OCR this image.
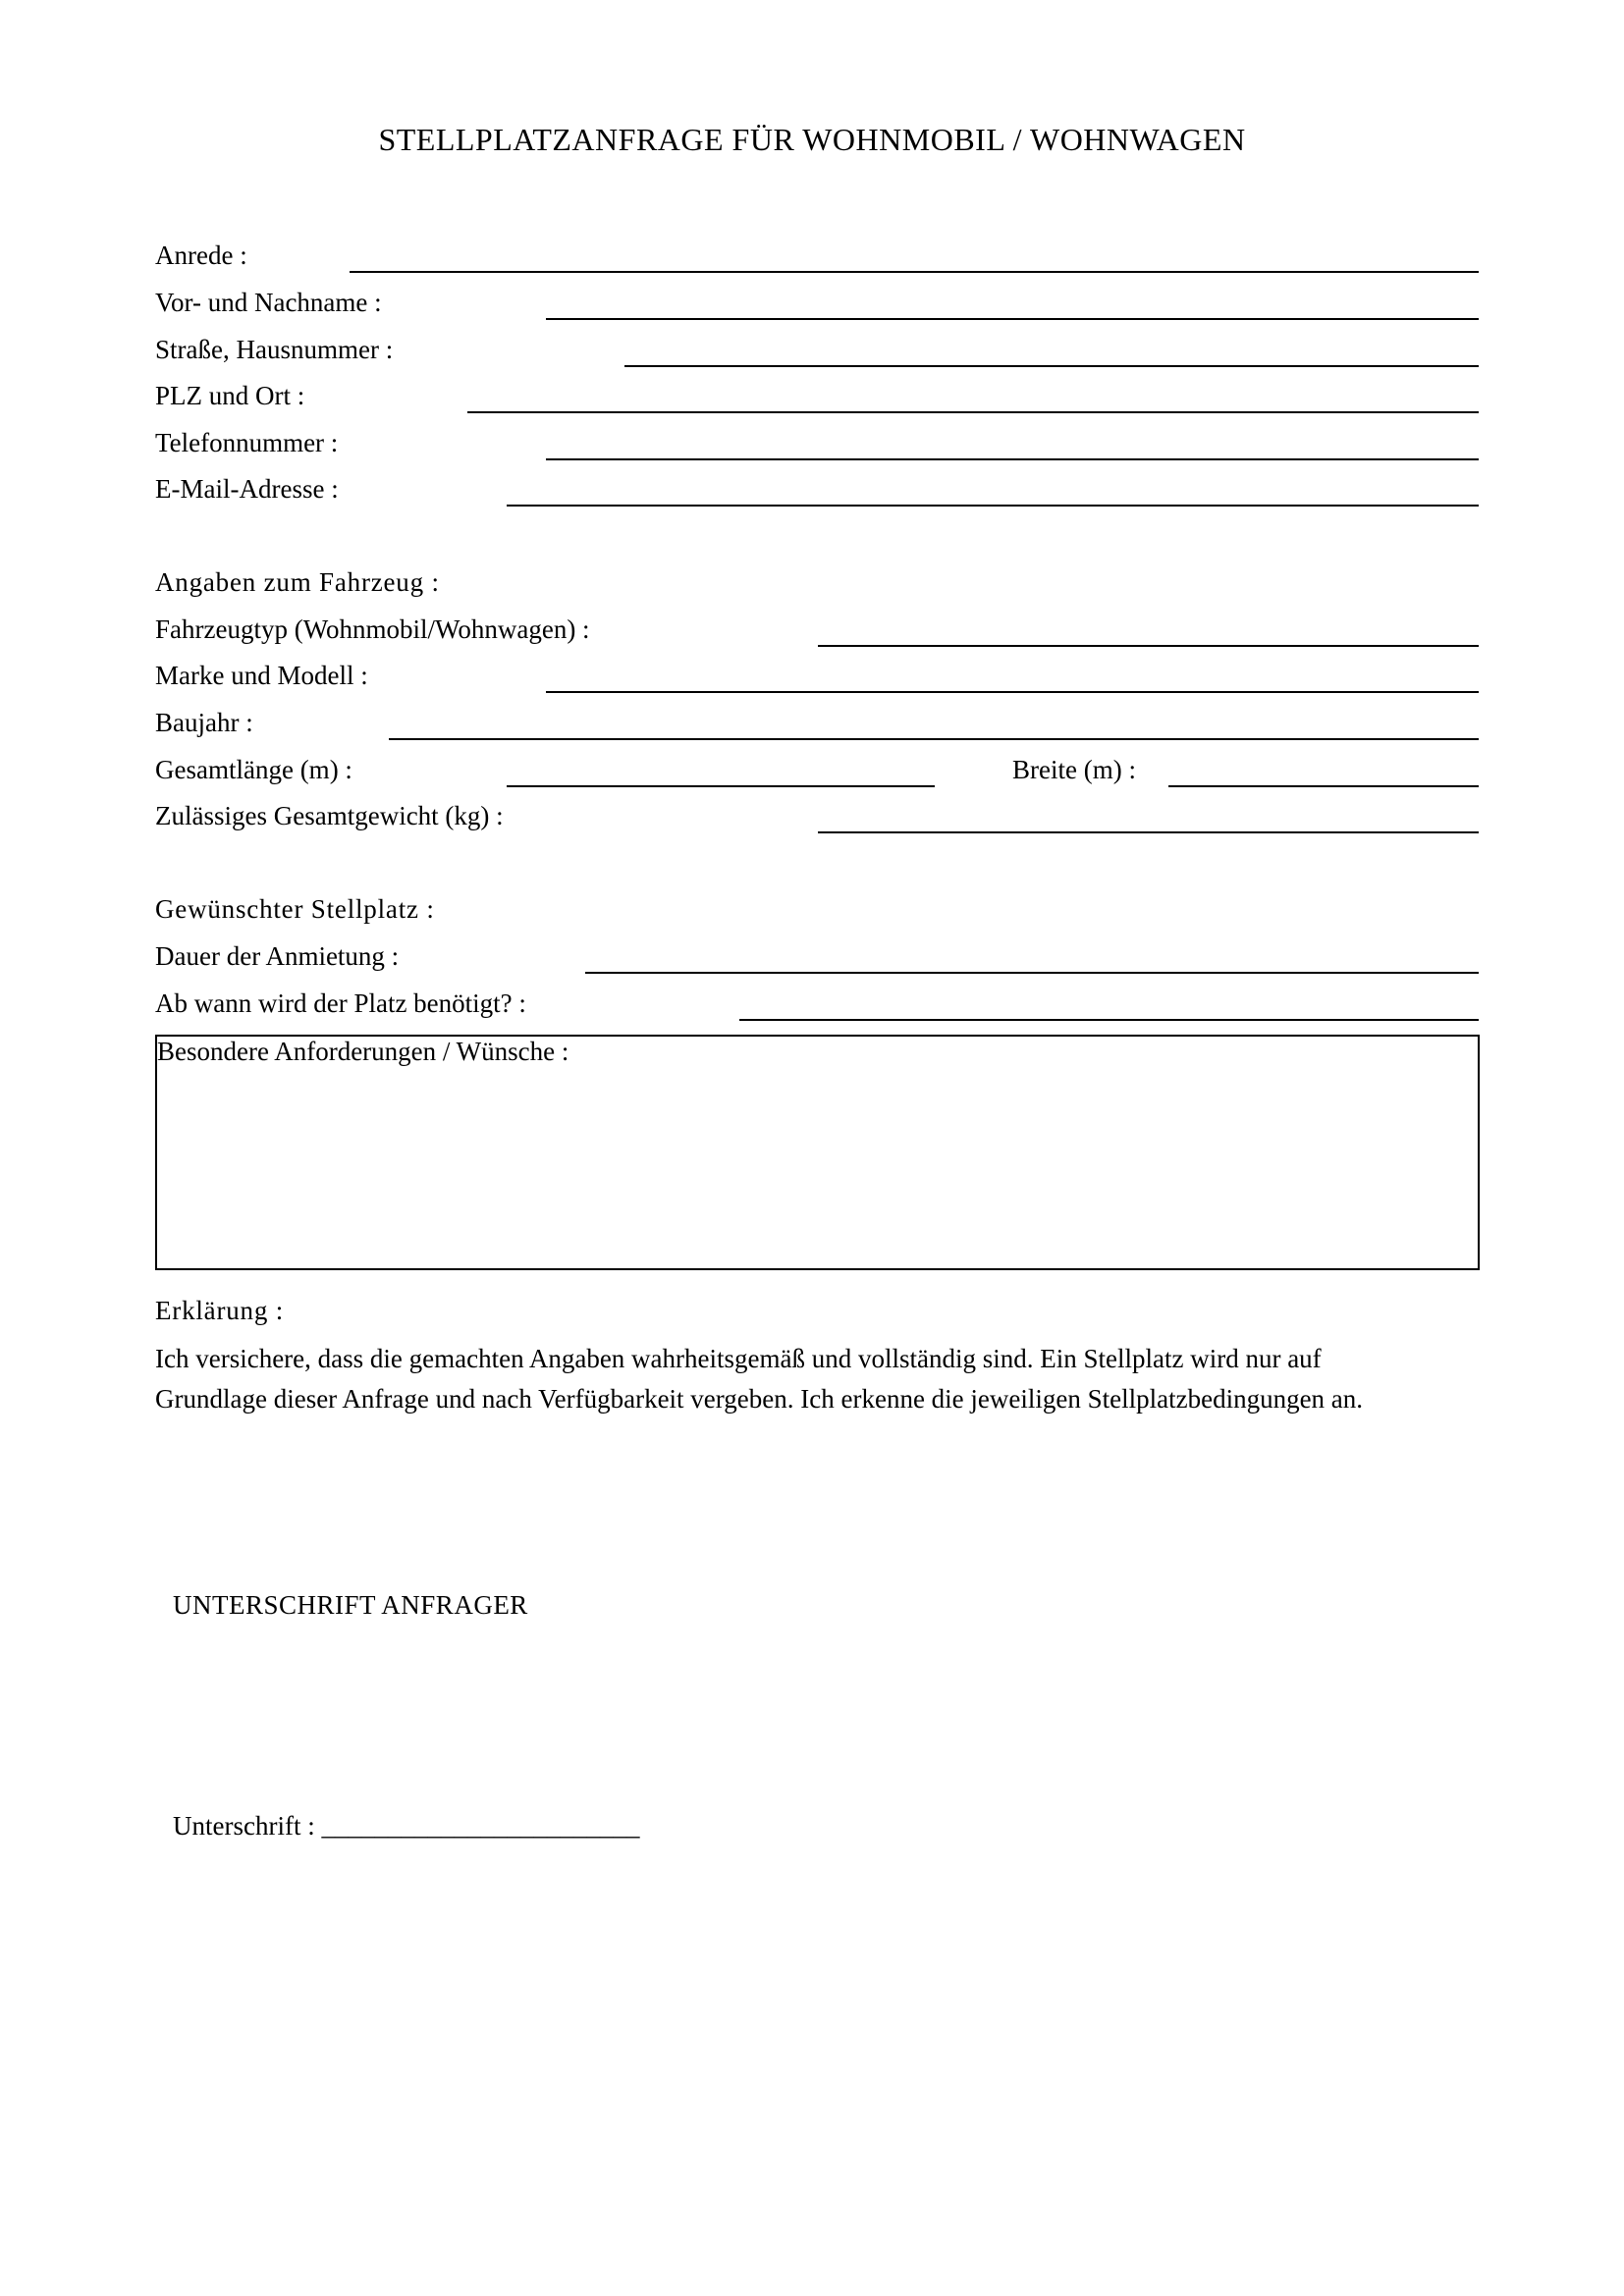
STELLPLATZANFRAGE FÜR WOHNMOBIL / WOHNWAGEN
Anrede :
Vor- und Nachname :
Straße, Hausnummer :
PLZ und Ort :
Telefonnummer :
E-Mail-Adresse :
Angaben zum Fahrzeug :
Fahrzeugtyp (Wohnmobil/Wohnwagen) :
Marke und Modell :
Baujahr :
Gesamtlänge (m) :	Breite (m) :
Zulässiges Gesamtgewicht (kg) :
Gewünschter Stellplatz :
Dauer der Anmietung :
Ab wann wird der Platz benötigt? :
Besondere Anforderungen / Wünsche :
Erklärung :
Ich versichere, dass die gemachten Angaben wahrheitsgemäß und vollständig sind. Ein Stellplatz wird nur auf Grundlage dieser Anfrage und nach Verfügbarkeit vergeben. Ich erkenne die jeweiligen Stellplatzbedingungen an.
UNTERSCHRIFT ANFRAGER
Unterschrift : ________________________
